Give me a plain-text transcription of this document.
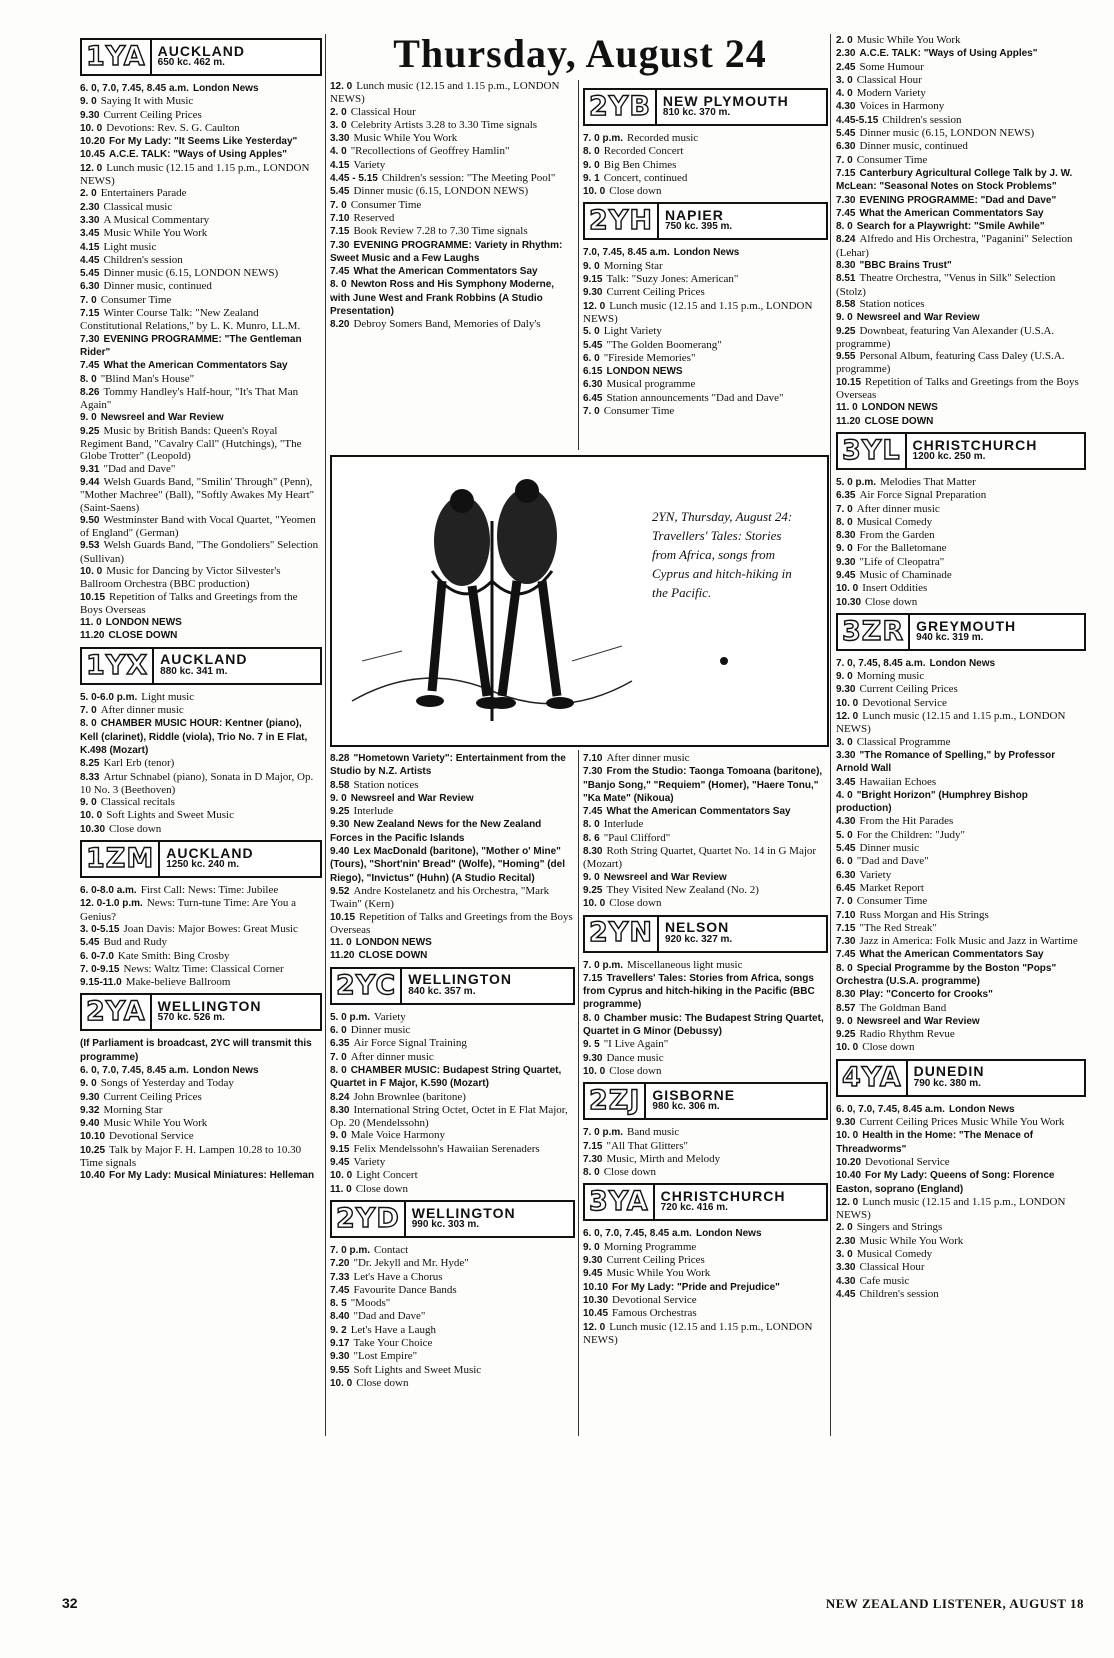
Thursday, August 24
1YA AUCKLAND
650 kc. 462 m.
6. 0, 7.0, 7.45, 8.45 a.m. London News
9. 0 Saying It with Music
9.30 Current Ceiling Prices
10. 0 Devotions: Rev. S. G. Caulton
10.20 For My Lady: "It Seems Like Yesterday"
10.45 A.C.E. TALK: "Ways of Using Apples"
12. 0 Lunch music (12.15 and 1.15 p.m., LONDON NEWS)
2. 0 Entertainers Parade
2.30 Classical music
3.30 A Musical Commentary
3.45 Music While You Work
4.15 Light music
4.45 Children's session
5.45 Dinner music (6.15, LONDON NEWS)
6.30 Dinner music, continued
7. 0 Consumer Time
7.15 Winter Course Talk: "New Zealand Constitutional Relations," by L. K. Munro, LL.M.
7.30 EVENING PROGRAMME: "The Gentleman Rider"
7.45 What the American Commentators Say
8. 0 "Blind Man's House"
8.26 Tommy Handley's Half-hour, "It's That Man Again"
9. 0 Newsreel and War Review
9.25 Music by British Bands: Queen's Royal Regiment Band, "Cavalry Call" (Hutchings), "The Globe Trotter" (Leopold)
9.31 "Dad and Dave"
9.44 Welsh Guards Band, "Smilin' Through" (Penn), "Mother Machree" (Ball), "Softly Awakes My Heart" (Saint-Saens)
9.50 Westminster Band with Vocal Quartet, "Yeomen of England" (German)
9.53 Welsh Guards Band, "The Gondoliers" Selection (Sullivan)
10. 0 Music for Dancing by Victor Silvester's Ballroom Orchestra (BBC production)
10.15 Repetition of Talks and Greetings from the Boys Overseas
11. 0 LONDON NEWS
11.20 CLOSE DOWN
1YX AUCKLAND
880 kc. 341 m.
5. 0-6.0 p.m. Light music
7. 0 After dinner music
8. 0 CHAMBER MUSIC HOUR: Kentner (piano), Kell (clarinet), Riddle (viola), Trio No. 7 in E Flat, K.498 (Mozart)
8.25 Karl Erb (tenor)
8.33 Artur Schnabel (piano), Sonata in D Major, Op. 10 No. 3 (Beethoven)
9. 0 Classical recitals
10. 0 Soft Lights and Sweet Music
10.30 Close down
1ZM AUCKLAND
1250 kc. 240 m.
6. 0-8.0 a.m. First Call: News: Time: Jubilee
12. 0-1.0 p.m. News: Turn-tune Time: Are You a Genius?
3. 0-5.15 Joan Davis: Major Bowes: Great Music
5.45 Bud and Rudy
6. 0-7.0 Kate Smith: Bing Crosby
7. 0-9.15 News: Waltz Time: Classical Corner
9.15-11.0 Make-believe Ballroom
2YA WELLINGTON
570 kc. 526 m.
(If Parliament is broadcast, 2YC will transmit this programme)
6. 0, 7.0, 7.45, 8.45 a.m. London News
9. 0 Songs of Yesterday and Today
9.30 Current Ceiling Prices
9.32 Morning Star
9.40 Music While You Work
10.10 Devotional Service
10.25 Talk by Major F. H. Lampen 10.28 to 10.30 Time signals
10.40 For My Lady: Musical Miniatures: Helleman
12. 0 Lunch music (12.15 and 1.15 p.m., LONDON NEWS)
2. 0 Classical Hour
3. 0 Celebrity Artists 3.28 to 3.30 Time signals
3.30 Music While You Work
4. 0 "Recollections of Geoffrey Hamlin"
4.15 Variety
4.45 - 5.15 Children's session: "The Meeting Pool"
5.45 Dinner music (6.15, LONDON NEWS)
7. 0 Consumer Time
7.10 Reserved
7.15 Book Review 7.28 to 7.30 Time signals
7.30 EVENING PROGRAMME: Variety in Rhythm: Sweet Music and a Few Laughs
7.45 What the American Commentators Say
8. 0 Newton Ross and His Symphony Moderne, with June West and Frank Robbins (A Studio Presentation)
8.20 Debroy Somers Band, Memories of Daly's
2YN, Thursday, August 24: Travellers' Tales: Stories from Africa, songs from Cyprus and hitch-hiking in the Pacific.
8.28 "Hometown Variety": Entertainment from the Studio by N.Z. Artists
8.58 Station notices
9. 0 Newsreel and War Review
9.25 Interlude
9.30 New Zealand News for the New Zealand Forces in the Pacific Islands
9.40 Lex MacDonald (baritone), "Mother o' Mine" (Tours), "Short'nin' Bread" (Wolfe), "Homing" (del Riego), "Invictus" (Huhn) (A Studio Recital)
9.52 Andre Kostelanetz and his Orchestra, "Mark Twain" (Kern)
10.15 Repetition of Talks and Greetings from the Boys Overseas
11. 0 LONDON NEWS
11.20 CLOSE DOWN
2YC WELLINGTON
840 kc. 357 m.
5. 0 p.m. Variety
6. 0 Dinner music
6.35 Air Force Signal Training
7. 0 After dinner music
8. 0 CHAMBER MUSIC: Budapest String Quartet, Quartet in F Major, K.590 (Mozart)
8.24 John Brownlee (baritone)
8.30 International String Octet, Octet in E Flat Major, Op. 20 (Mendelssohn)
9. 0 Male Voice Harmony
9.15 Felix Mendelssohn's Hawaiian Serenaders
9.45 Variety
10. 0 Light Concert
11. 0 Close down
2YD WELLINGTON
990 kc. 303 m.
7. 0 p.m. Contact
7.20 "Dr. Jekyll and Mr. Hyde"
7.33 Let's Have a Chorus
7.45 Favourite Dance Bands
8. 5 "Moods"
8.40 "Dad and Dave"
9. 2 Let's Have a Laugh
9.17 Take Your Choice
9.30 "Lost Empire"
9.55 Soft Lights and Sweet Music
10. 0 Close down
2YB NEW PLYMOUTH
810 kc. 370 m.
7. 0 p.m. Recorded music
8. 0 Recorded Concert
9. 0 Big Ben Chimes
9. 1 Concert, continued
10. 0 Close down
2YH NAPIER
750 kc. 395 m.
7.0, 7.45, 8.45 a.m. London News
9. 0 Morning Star
9.15 Talk: "Suzy Jones: American"
9.30 Current Ceiling Prices
12. 0 Lunch music (12.15 and 1.15 p.m., LONDON NEWS)
5. 0 Light Variety
5.45 "The Golden Boomerang"
6. 0 "Fireside Memories"
6.15 LONDON NEWS
6.30 Musical programme
6.45 Station announcements "Dad and Dave"
7. 0 Consumer Time
7.10 After dinner music
7.30 From the Studio: Taonga Tomoana (baritone), "Banjo Song," "Requiem" (Homer), "Haere Tonu," "Ka Mate" (Nikoua)
7.45 What the American Commentators Say
8. 0 Interlude
8. 6 "Paul Clifford"
8.30 Roth String Quartet, Quartet No. 14 in G Major (Mozart)
9. 0 Newsreel and War Review
9.25 They Visited New Zealand (No. 2)
10. 0 Close down
2YN NELSON
920 kc. 327 m.
7. 0 p.m. Miscellaneous light music
7.15 Travellers' Tales: Stories from Africa, songs from Cyprus and hitch-hiking in the Pacific (BBC programme)
8. 0 Chamber music: The Budapest String Quartet, Quartet in G Minor (Debussy)
9. 5 "I Live Again"
9.30 Dance music
10. 0 Close down
2ZJ GISBORNE
980 kc. 306 m.
7. 0 p.m. Band music
7.15 "All That Glitters"
7.30 Music, Mirth and Melody
8. 0 Close down
3YA CHRISTCHURCH
720 kc. 416 m.
6. 0, 7.0, 7.45, 8.45 a.m. London News
9. 0 Morning Programme
9.30 Current Ceiling Prices
9.45 Music While You Work
10.10 For My Lady: "Pride and Prejudice"
10.30 Devotional Service
10.45 Famous Orchestras
12. 0 Lunch music (12.15 and 1.15 p.m., LONDON NEWS)
2. 0 Music While You Work
2.30 A.C.E. TALK: "Ways of Using Apples"
2.45 Some Humour
3. 0 Classical Hour
4. 0 Modern Variety
4.30 Voices in Harmony
4.45-5.15 Children's session
5.45 Dinner music (6.15, LONDON NEWS)
6.30 Dinner music, continued
7. 0 Consumer Time
7.15 Canterbury Agricultural College Talk by J. W. McLean: "Seasonal Notes on Stock Problems"
7.30 EVENING PROGRAMME: "Dad and Dave"
7.45 What the American Commentators Say
8. 0 Search for a Playwright: "Smile Awhile"
8.24 Alfredo and His Orchestra, "Paganini" Selection (Lehar)
8.30 "BBC Brains Trust"
8.51 Theatre Orchestra, "Venus in Silk" Selection (Stolz)
8.58 Station notices
9. 0 Newsreel and War Review
9.25 Downbeat, featuring Van Alexander (U.S.A. programme)
9.55 Personal Album, featuring Cass Daley (U.S.A. programme)
10.15 Repetition of Talks and Greetings from the Boys Overseas
11. 0 LONDON NEWS
11.20 CLOSE DOWN
3YL CHRISTCHURCH
1200 kc. 250 m.
5. 0 p.m. Melodies That Matter
6.35 Air Force Signal Preparation
7. 0 After dinner music
8. 0 Musical Comedy
8.30 From the Garden
9. 0 For the Balletomane
9.30 "Life of Cleopatra"
9.45 Music of Chaminade
10. 0 Insert Oddities
10.30 Close down
3ZR GREYMOUTH
940 kc. 319 m.
7. 0, 7.45, 8.45 a.m. London News
9. 0 Morning music
9.30 Current Ceiling Prices
10. 0 Devotional Service
12. 0 Lunch music (12.15 and 1.15 p.m., LONDON NEWS)
3. 0 Classical Programme
3.30 "The Romance of Spelling," by Professor Arnold Wall
3.45 Hawaiian Echoes
4. 0 "Bright Horizon" (Humphrey Bishop production)
4.30 From the Hit Parades
5. 0 For the Children: "Judy"
5.45 Dinner music
6. 0 "Dad and Dave"
6.30 Variety
6.45 Market Report
7. 0 Consumer Time
7.10 Russ Morgan and His Strings
7.15 "The Red Streak"
7.30 Jazz in America: Folk Music and Jazz in Wartime
7.45 What the American Commentators Say
8. 0 Special Programme by the Boston "Pops" Orchestra (U.S.A. programme)
8.30 Play: "Concerto for Crooks"
8.57 The Goldman Band
9. 0 Newsreel and War Review
9.25 Radio Rhythm Revue
10. 0 Close down
4YA DUNEDIN
790 kc. 380 m.
6. 0, 7.0, 7.45, 8.45 a.m. London News
9.30 Current Ceiling Prices Music While You Work
10. 0 Health in the Home: "The Menace of Threadworms"
10.20 Devotional Service
10.40 For My Lady: Queens of Song: Florence Easton, soprano (England)
12. 0 Lunch music (12.15 and 1.15 p.m., LONDON NEWS)
2. 0 Singers and Strings
2.30 Music While You Work
3. 0 Musical Comedy
3.30 Classical Hour
4.30 Cafe music
4.45 Children's session
32	NEW ZEALAND LISTENER, AUGUST 18
